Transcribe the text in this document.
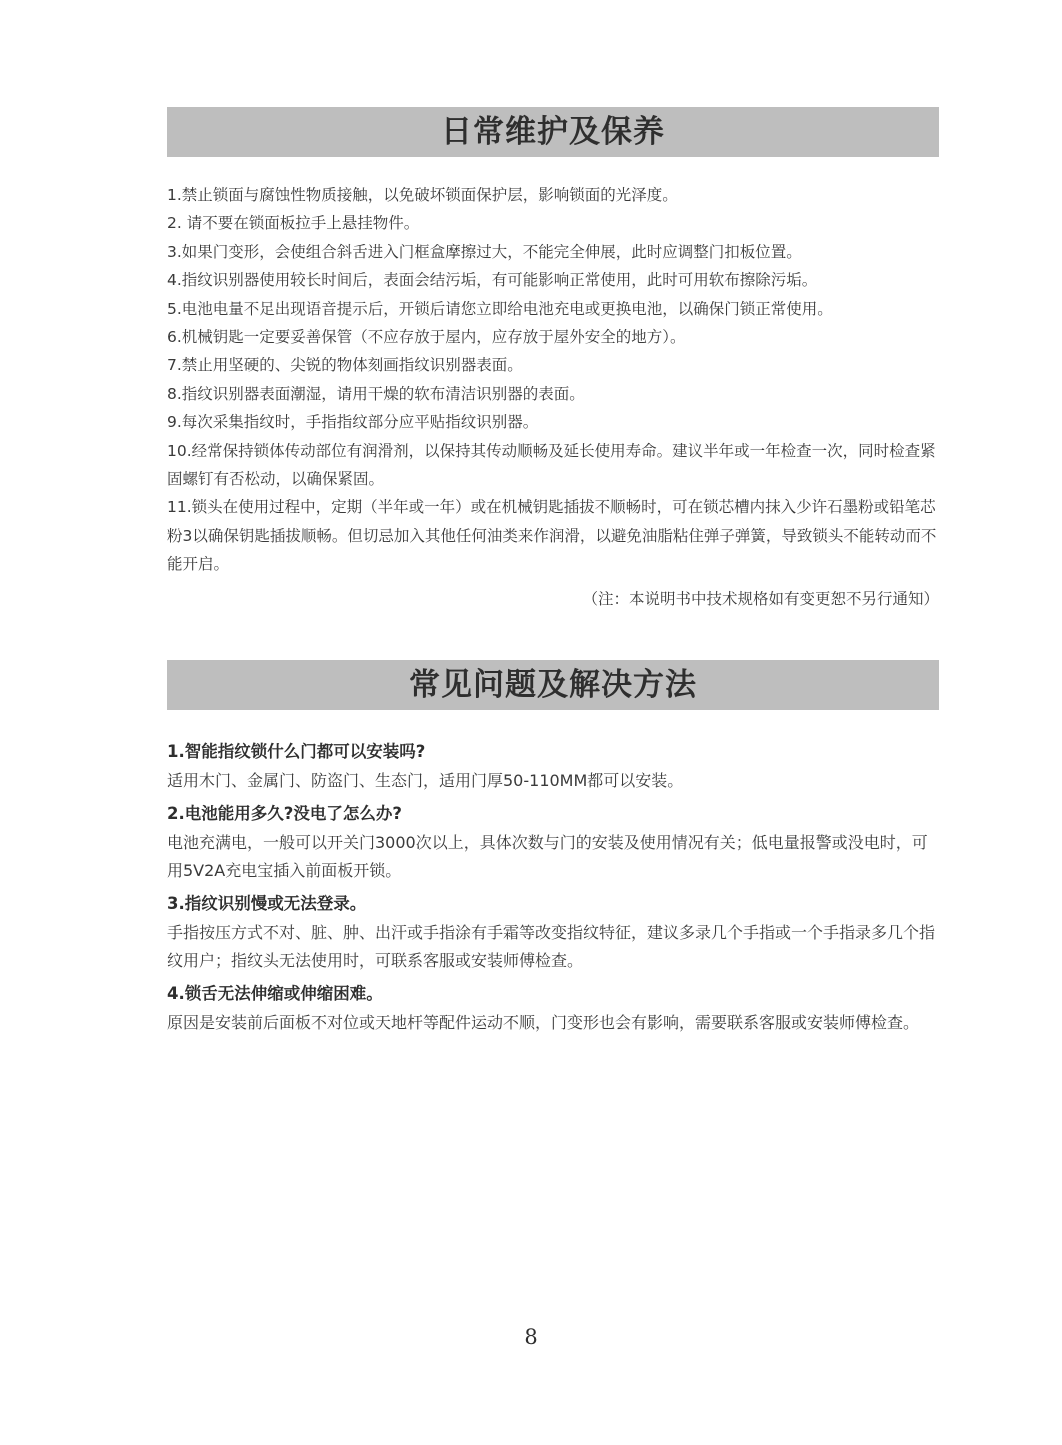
日常维护及保养
1.禁止锁面与腐蚀性物质接触，以免破坏锁面保护层，影响锁面的光泽度。
2. 请不要在锁面板拉手上悬挂物件。
3.如果门变形，会使组合斜舌进入门框盒摩擦过大，不能完全伸展，此时应调整门扣板位置。
4.指纹识别器使用较长时间后，表面会结污垢，有可能影响正常使用，此时可用软布擦除污垢。
5.电池电量不足出现语音提示后，开锁后请您立即给电池充电或更换电池，以确保门锁正常使用。
6.机械钥匙一定要妥善保管（不应存放于屋内，应存放于屋外安全的地方）。
7.禁止用坚硬的、尖锐的物体刻画指纹识别器表面。
8.指纹识别器表面潮湿，请用干燥的软布清洁识别器的表面。
9.每次采集指纹时，手指指纹部分应平贴指纹识别器。
10.经常保持锁体传动部位有润滑剂，以保持其传动顺畅及延长使用寿命。建议半年或一年检查一次，同时检查紧固螺钉有否松动，以确保紧固。
11.锁头在使用过程中，定期（半年或一年）或在机械钥匙插拔不顺畅时，可在锁芯槽内抹入少许石墨粉或铅笔芯粉3以确保钥匙插拔顺畅。但切忌加入其他任何油类来作润滑，以避免油脂粘住弹子弹簧，导致锁头不能转动而不能开启。
（注：本说明书中技术规格如有变更恕不另行通知）
常见问题及解决方法

1.智能指纹锁什么门都可以安装吗?

适用木门、金属门、防盗门、生态门，适用门厚50-110MM都可以安装。

2.电池能用多久?没电了怎么办?

电池充满电，一般可以开关门3000次以上，具体次数与门的安装及使用情况有关；低电量报警或没电时，可用5V2A充电宝插入前面板开锁。

3.指纹识别慢或无法登录。

手指按压方式不对、脏、肿、出汗或手指涂有手霜等改变指纹特征，建议多录几个手指或一个手指录多几个指纹用户；指纹头无法使用时，可联系客服或安装师傅检查。

4.锁舌无法伸缩或伸缩困难。

原因是安装前后面板不对位或天地杆等配件运动不顺，门变形也会有影响，需要联系客服或安装师傅检查。

8
